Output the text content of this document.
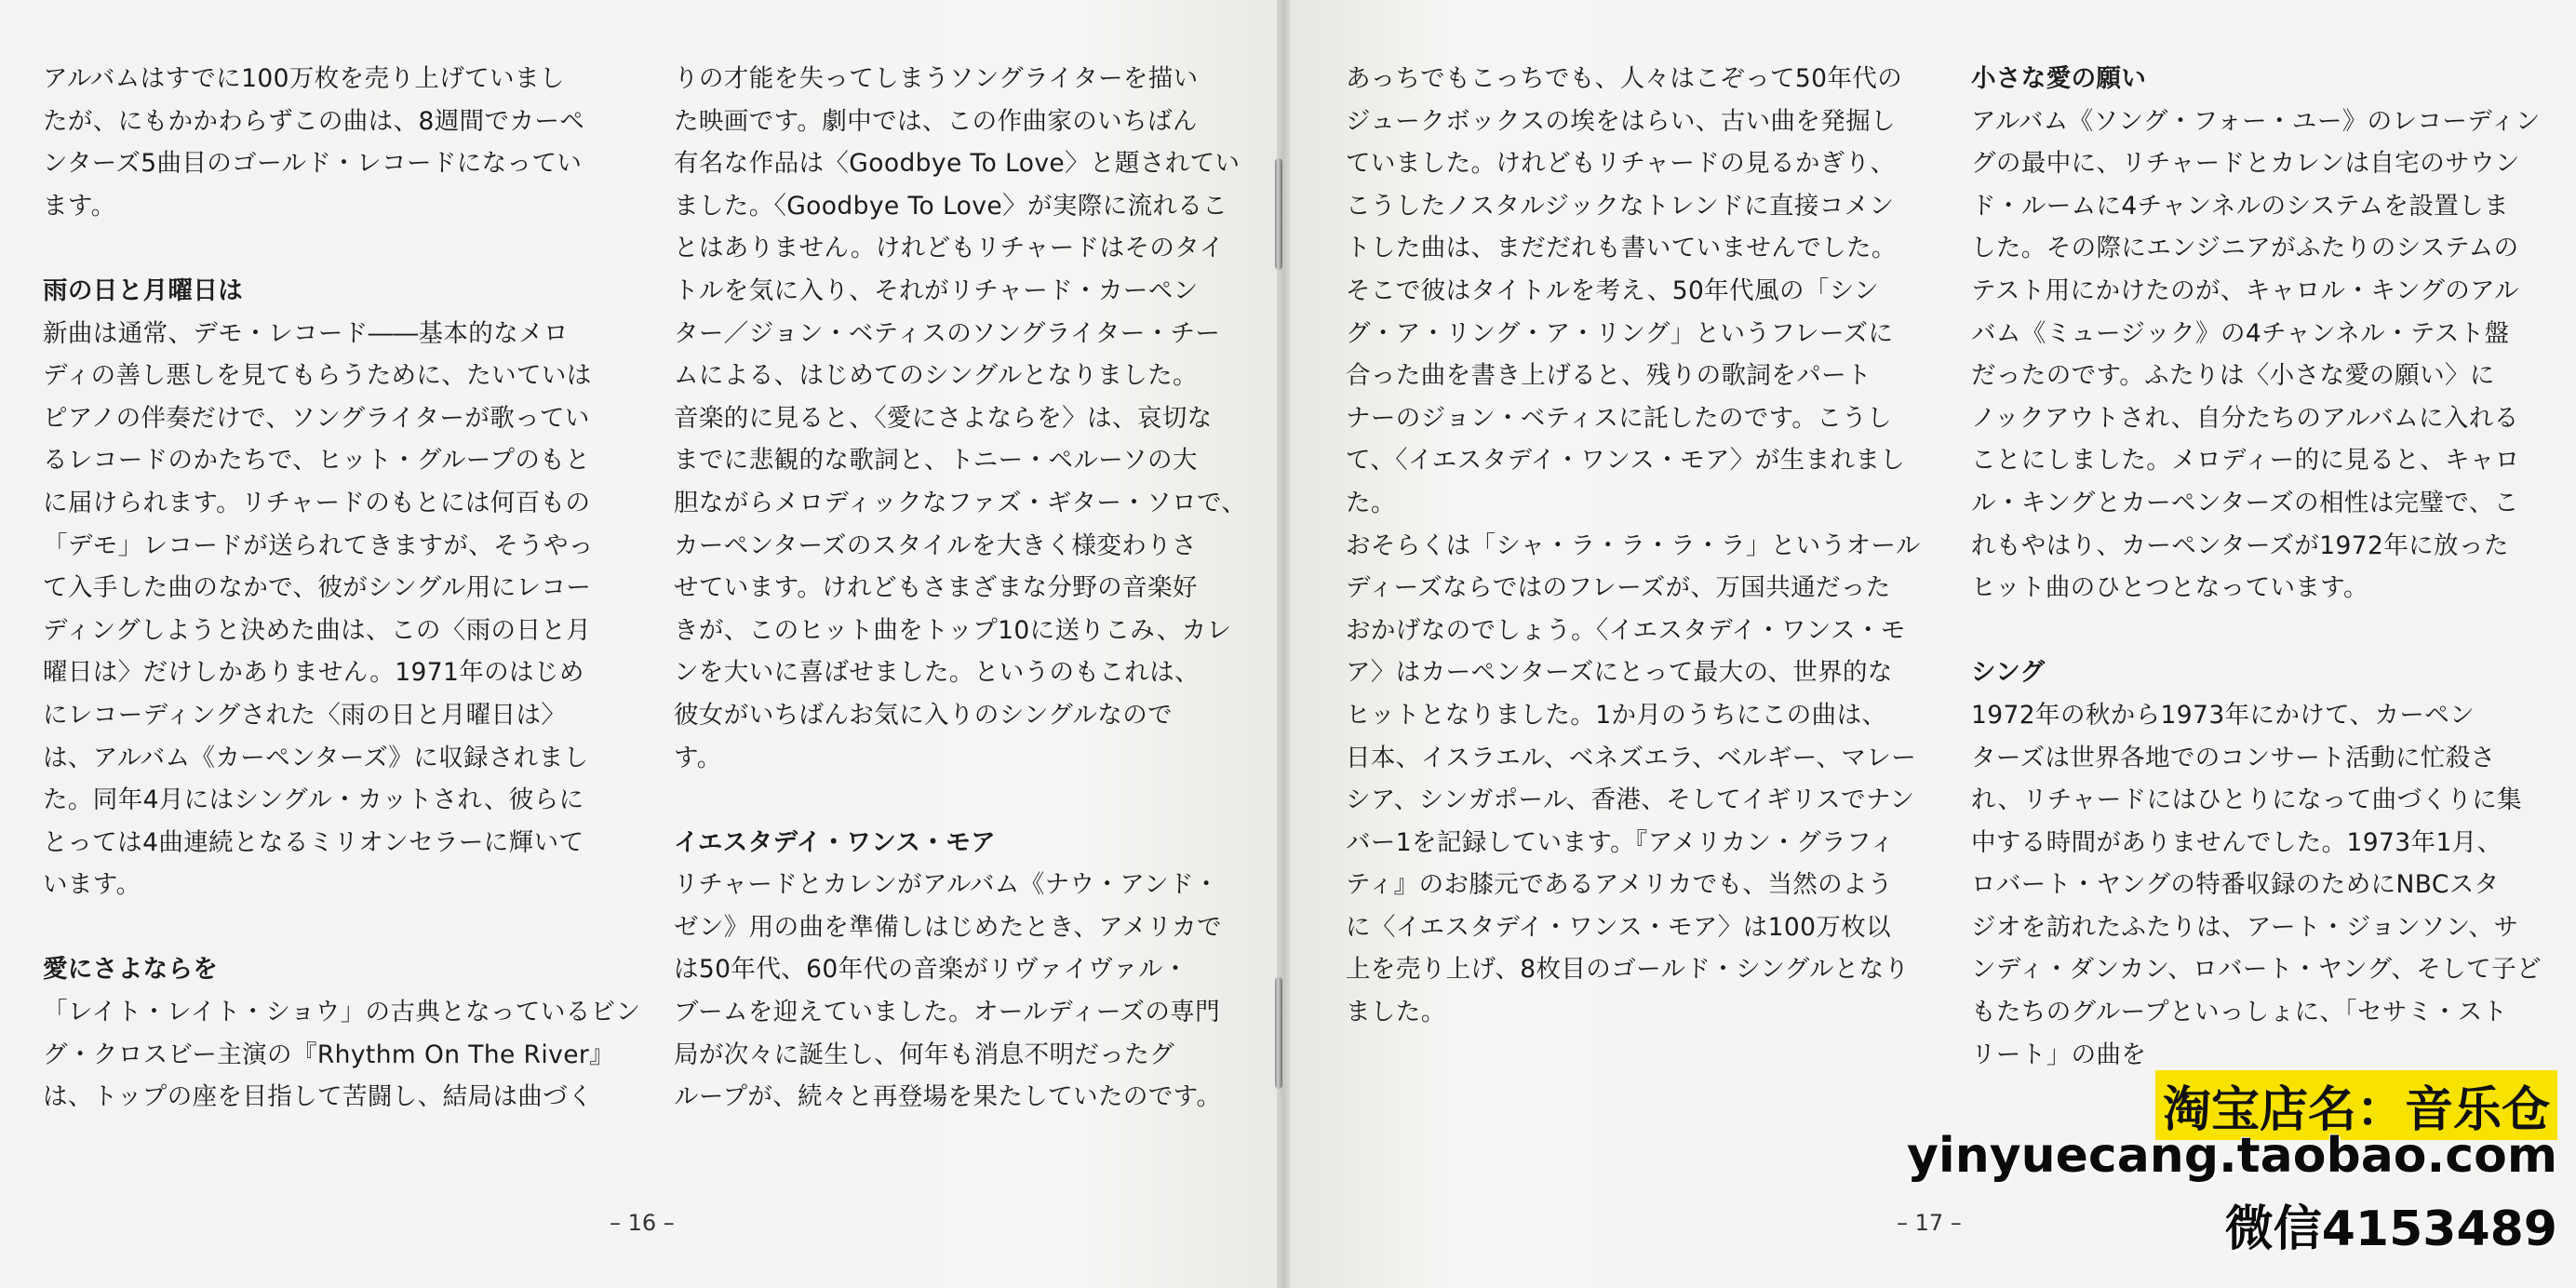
アルバムはすでに100万枚を売り上げていまし
たが、にもかかわらずこの曲は、8週間でカーペ
ンターズ5曲目のゴールド・レコードになってい
ます。
雨の日と月曜日は
新曲は通常、デモ・レコード――基本的なメロ
ディの善し悪しを見てもらうために、たいていは
ピアノの伴奏だけで、ソングライターが歌ってい
るレコードのかたちで、ヒット・グループのもと
に届けられます。リチャードのもとには何百もの
「デモ」レコードが送られてきますが、そうやっ
て入手した曲のなかで、彼がシングル用にレコー
ディングしようと決めた曲は、この〈雨の日と月
曜日は〉だけしかありません。1971年のはじめ
にレコーディングされた〈雨の日と月曜日は〉
は、アルバム《カーペンターズ》に収録されまし
た。同年4月にはシングル・カットされ、彼らに
とっては4曲連続となるミリオンセラーに輝いて
います。
愛にさよならを
「レイト・レイト・ショウ」の古典となっているビン
グ・クロスビー主演の『Rhythm On The River』
は、トップの座を目指して苦闘し、結局は曲づく
りの才能を失ってしまうソングライターを描い
た映画です。劇中では、この作曲家のいちばん
有名な作品は〈Goodbye To Love〉と題されてい
ました。〈Goodbye To Love〉が実際に流れるこ
とはありません。けれどもリチャードはそのタイ
トルを気に入り、それがリチャード・カーペン
ター／ジョン・ベティスのソングライター・チー
ムによる、はじめてのシングルとなりました。
音楽的に見ると、〈愛にさよならを〉は、哀切な
までに悲観的な歌詞と、トニー・ペルーソの大
胆ながらメロディックなファズ・ギター・ソロで、
カーペンターズのスタイルを大きく様変わりさ
せています。けれどもさまざまな分野の音楽好
きが、このヒット曲をトップ10に送りこみ、カレ
ンを大いに喜ばせました。というのもこれは、
彼女がいちばんお気に入りのシングルなので
す。
イエスタデイ・ワンス・モア
リチャードとカレンがアルバム《ナウ・アンド・
ゼン》用の曲を準備しはじめたとき、アメリカで
は50年代、60年代の音楽がリヴァイヴァル・
ブームを迎えていました。オールディーズの専門
局が次々に誕生し、何年も消息不明だったグ
ループが、続々と再登場を果たしていたのです。
– 16 –
あっちでもこっちでも、人々はこぞって50年代の
ジュークボックスの埃をはらい、古い曲を発掘し
ていました。けれどもリチャードの見るかぎり、
こうしたノスタルジックなトレンドに直接コメン
トした曲は、まだだれも書いていませんでした。
そこで彼はタイトルを考え、50年代風の「シン
グ・ア・リング・ア・リング」というフレーズに
合った曲を書き上げると、残りの歌詞をパート
ナーのジョン・ベティスに託したのです。こうし
て、〈イエスタデイ・ワンス・モア〉が生まれまし
た。
おそらくは「シャ・ラ・ラ・ラ・ラ」というオール
ディーズならではのフレーズが、万国共通だった
おかげなのでしょう。〈イエスタデイ・ワンス・モ
ア〉はカーペンターズにとって最大の、世界的な
ヒットとなりました。1か月のうちにこの曲は、
日本、イスラエル、ベネズエラ、ベルギー、マレー
シア、シンガポール、香港、そしてイギリスでナン
バー1を記録しています。『アメリカン・グラフィ
ティ』のお膝元であるアメリカでも、当然のよう
に〈イエスタデイ・ワンス・モア〉は100万枚以
上を売り上げ、8枚目のゴールド・シングルとなり
ました。
小さな愛の願い
アルバム《ソング・フォー・ユー》のレコーディン
グの最中に、リチャードとカレンは自宅のサウン
ド・ルームに4チャンネルのシステムを設置しま
した。その際にエンジニアがふたりのシステムの
テスト用にかけたのが、キャロル・キングのアル
バム《ミュージック》の4チャンネル・テスト盤
だったのです。ふたりは〈小さな愛の願い〉に
ノックアウトされ、自分たちのアルバムに入れる
ことにしました。メロディー的に見ると、キャロ
ル・キングとカーペンターズの相性は完璧で、こ
れもやはり、カーペンターズが1972年に放った
ヒット曲のひとつとなっています。
シング
1972年の秋から1973年にかけて、カーペン
ターズは世界各地でのコンサート活動に忙殺さ
れ、リチャードにはひとりになって曲づくりに集
中する時間がありませんでした。1973年1月、
ロバート・ヤングの特番収録のためにNBCスタ
ジオを訪れたふたりは、アート・ジョンソン、サ
ンディ・ダンカン、ロバート・ヤング、そして子ど
もたちのグループといっしょに、「セサミ・スト
リート」の曲を
– 17 –
淘宝店名：音乐仓
yinyuecang.taobao.com
微信4153489
